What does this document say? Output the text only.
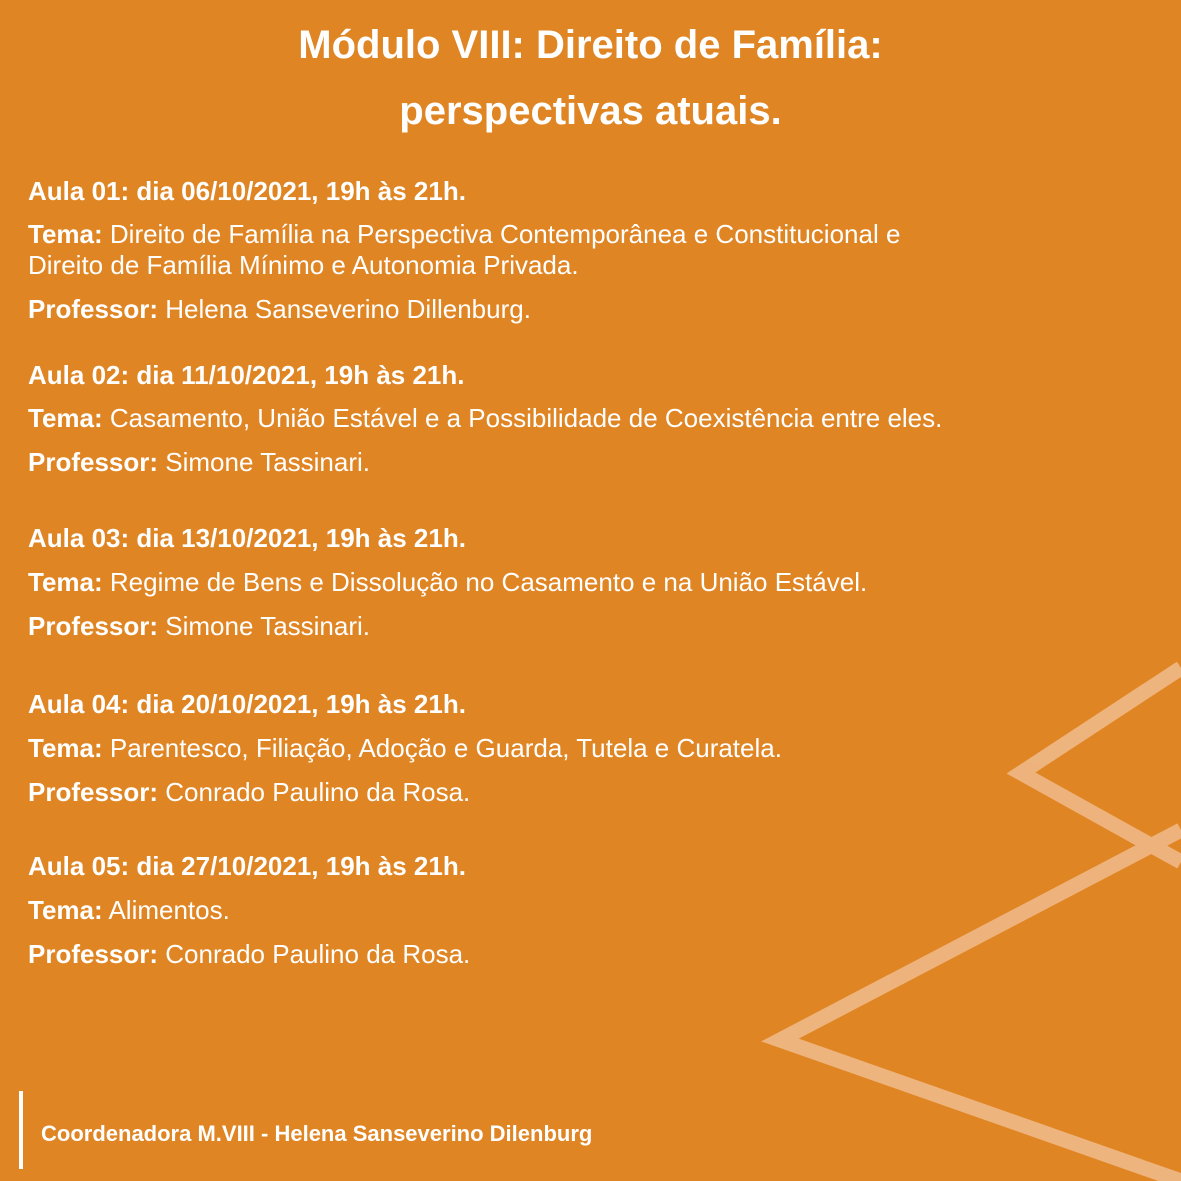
Módulo VIII: Direito de Família:

perspectivas atuais.

Aula 01: dia 06/10/2021, 19h às 21h.

Tema: Direito de Família na Perspectiva Contemporânea e Constitucional e

Direito de Família Mínimo e Autonomia Privada.

Professor: Helena Sanseverino Dillenburg.

Aula 02: dia 11/10/2021, 19h às 21h.

Tema: Casamento, União Estável e a Possibilidade de Coexistência entre eles.

Professor: Simone Tassinari.

Aula 03: dia 13/10/2021, 19h às 21h.

Tema: Regime de Bens e Dissolução no Casamento e na União Estável.

Professor: Simone Tassinari.

Aula 04: dia 20/10/2021, 19h às 21h.

Tema: Parentesco, Filiação, Adoção e Guarda, Tutela e Curatela.

Professor: Conrado Paulino da Rosa.

Aula 05: dia 27/10/2021, 19h às 21h.

Tema: Alimentos.

Professor: Conrado Paulino da Rosa.

Coordenadora M.VIII - Helena Sanseverino Dilenburg
